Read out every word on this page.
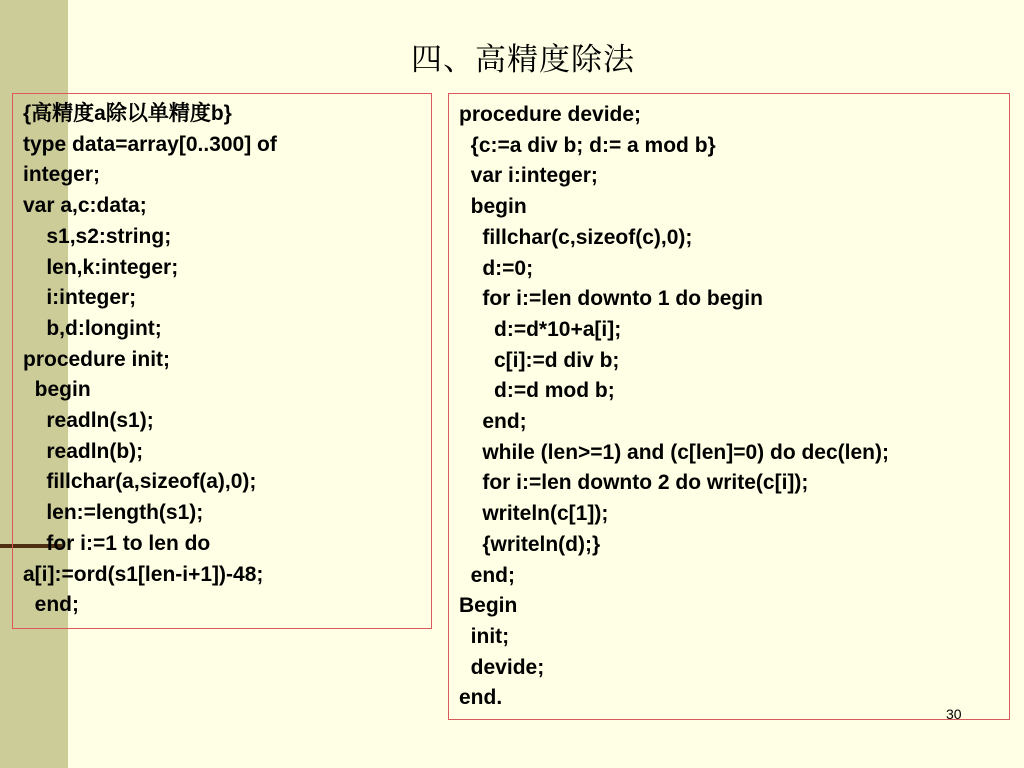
四、高精度除法
{高精度a除以单精度b}
type data=array[0..300] of
integer;
var a,c:data;
s1,s2:string;
len,k:integer;
i:integer;
b,d:longint;
procedure init;
begin
readln(s1);
readln(b);
fillchar(a,sizeof(a),0);
len:=length(s1);
for i:=1 to len do
a[i]:=ord(s1[len-i+1])-48;
end;
procedure devide;
{c:=a div b; d:= a mod b}
var i:integer;
begin
fillchar(c,sizeof(c),0);
d:=0;
for i:=len downto 1 do begin
d:=d*10+a[i];
c[i]:=d div b;
d:=d mod b;
end;
while (len>=1) and (c[len]=0) do dec(len);
for i:=len downto 2 do write(c[i]);
writeln(c[1]);
{writeln(d);}
end;
Begin
init;
devide;
end.
30
